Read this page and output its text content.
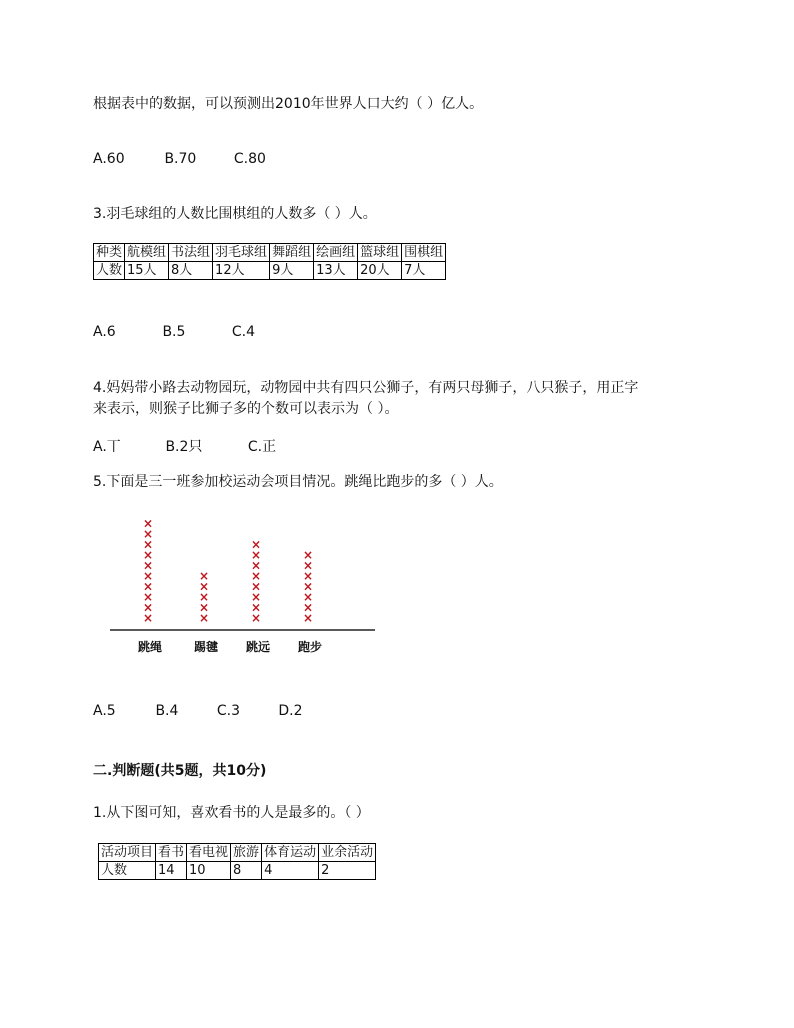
根据表中的数据，可以预测出2010年世界人口大约（ ）亿人。
A.60	B.70	C.80
3.羽毛球组的人数比围棋组的人数多（ ）人。
种类	航模组	书法组	羽毛球组	舞蹈组	绘画组	篮球组	围棋组
人数	15人	8人	12人	9人	13人	20人	7人
A.6	B.5	C.4
4.妈妈带小路去动物园玩，动物园中共有四只公狮子，有两只母狮子，八只猴子，用正字
来表示，则猴子比狮子多的个数可以表示为（ ）。
A.丅	B.2只	C.正
5.下面是三一班参加校运动会项目情况。跳绳比跑步的多（ ）人。
×
×
×
×
×
×
×
×
×
×
×
×
×
×
×
×
×
×
×
×
×
×
×
×
×
×
×
×
×
×
跳绳	踢毽 跳远 跑步
A.5	B.4	C.3	D.2
二.判断题(共5题，共10分)
1.从下图可知，喜欢看书的人是最多的。（ ）
活动项目	看书	看电视	旅游	体育运动	业余活动
人数	14	10	8	4	2
